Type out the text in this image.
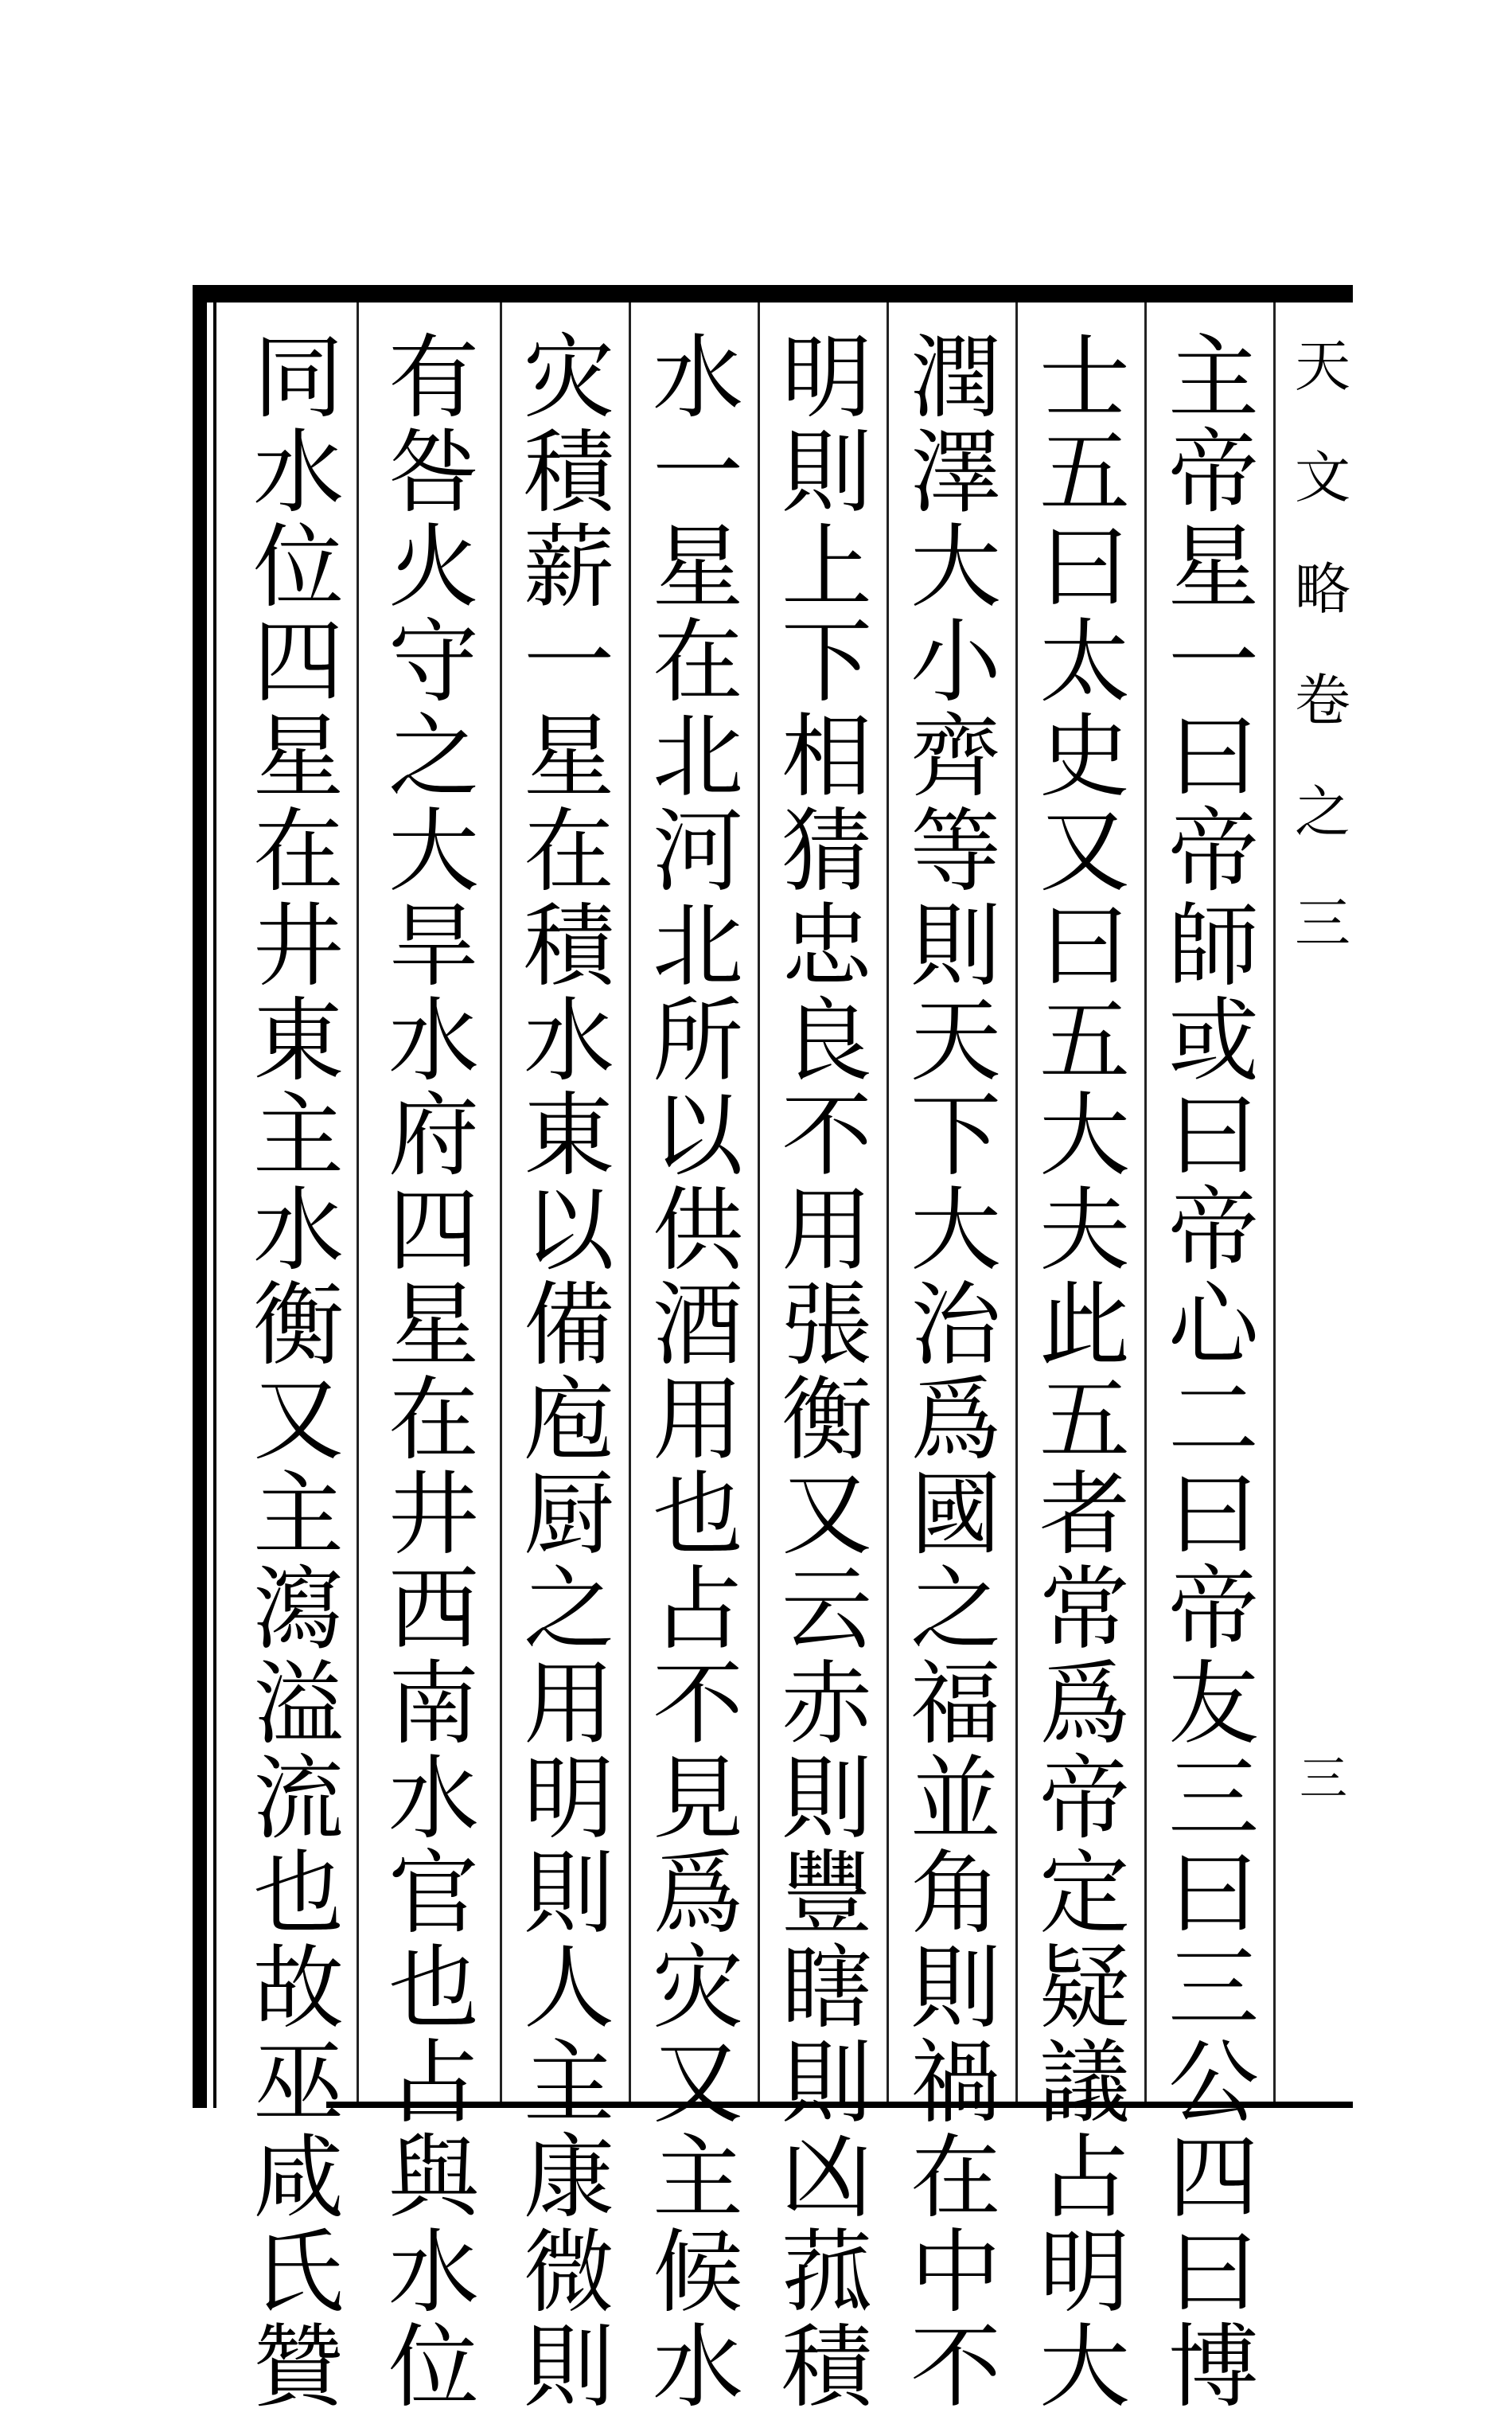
天文略卷之三
三
主帝星一曰帝師或曰帝心二曰帝友三曰三公四曰博
士五曰太史又曰五大夫此五者常爲帝定疑議占明大
潤澤大小齊等則天下大治爲國之福並角則禍在中不
明則上下相猜忠良不用張衡又云赤則豐瞎則凶菰積
水一星在北河北所以供酒用也占不見爲灾又主候水
灾積薪一星在積水東以備庖厨之用明則人主康微則
有咎火守之大旱水府四星在井西南水官也占與水位
同水位四星在井東主水衡又主瀉溢流也故巫咸氏贊
